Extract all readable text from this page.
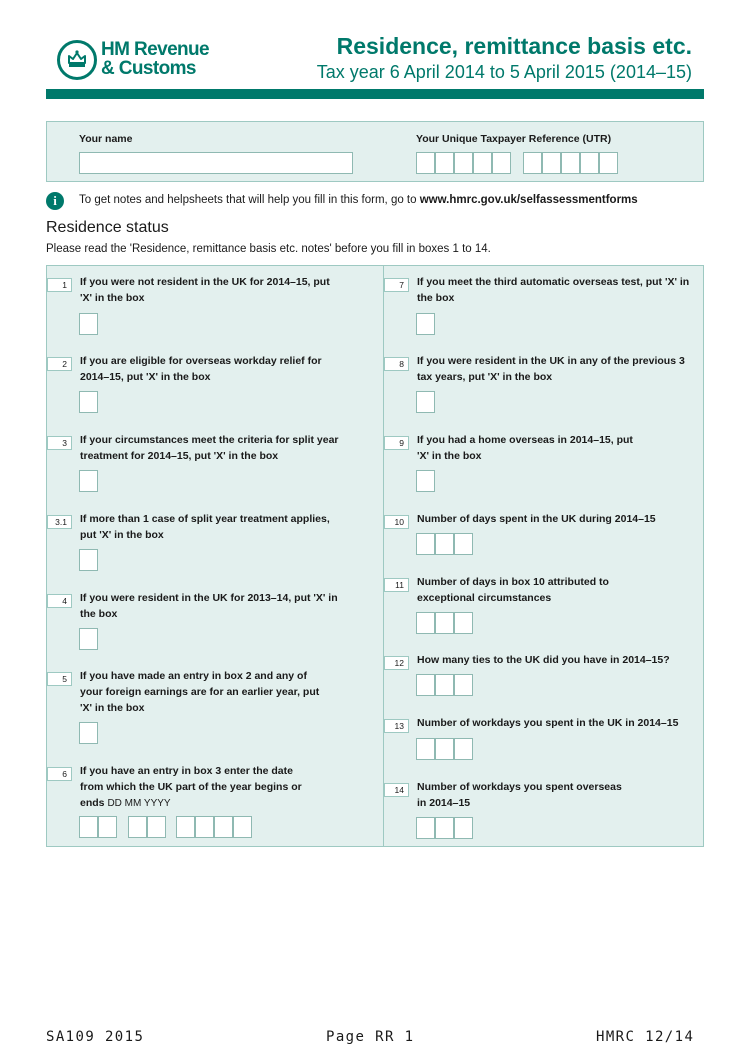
HM Revenue
& Customs
Residence, remittance basis etc.
Tax year 6 April 2014 to 5 April 2015 (2014–15)
Your name	Your Unique Taxpayer Reference (UTR)
i	To get notes and helpsheets that will help you fill in this form, go to www.hmrc.gov.uk/selfassessmentforms
Residence status
Please read the 'Residence, remittance basis etc. notes' before you fill in boxes 1 to 14.
1	If you were not resident in the UK for 2014–15, put 'X' in the box
2	If you are eligible for overseas workday relief for 2014–15, put 'X' in the box
3	If your circumstances meet the criteria for split year treatment for 2014–15, put 'X' in the box
3.1	If more than 1 case of split year treatment applies, put 'X' in the box
4	If you were resident in the UK for 2013–14, put 'X' in the box
5	If you have made an entry in box 2 and any of your foreign earnings are for an earlier year, put 'X' in the box
6	If you have an entry in box 3 enter the date from which the UK part of the year begins or ends DD MM YYYY
7	If you meet the third automatic overseas test, put 'X' in the box
8	If you were resident in the UK in any of the previous 3 tax years, put 'X' in the box
9	If you had a home overseas in 2014–15, put 'X' in the box
10	Number of days spent in the UK during 2014–15
11	Number of days in box 10 attributed to exceptional circumstances
12	How many ties to the UK did you have in 2014–15?
13	Number of workdays you spent in the UK in 2014–15
14	Number of workdays you spent overseas in 2014–15
SA109 2015	Page RR 1	HMRC 12/14
